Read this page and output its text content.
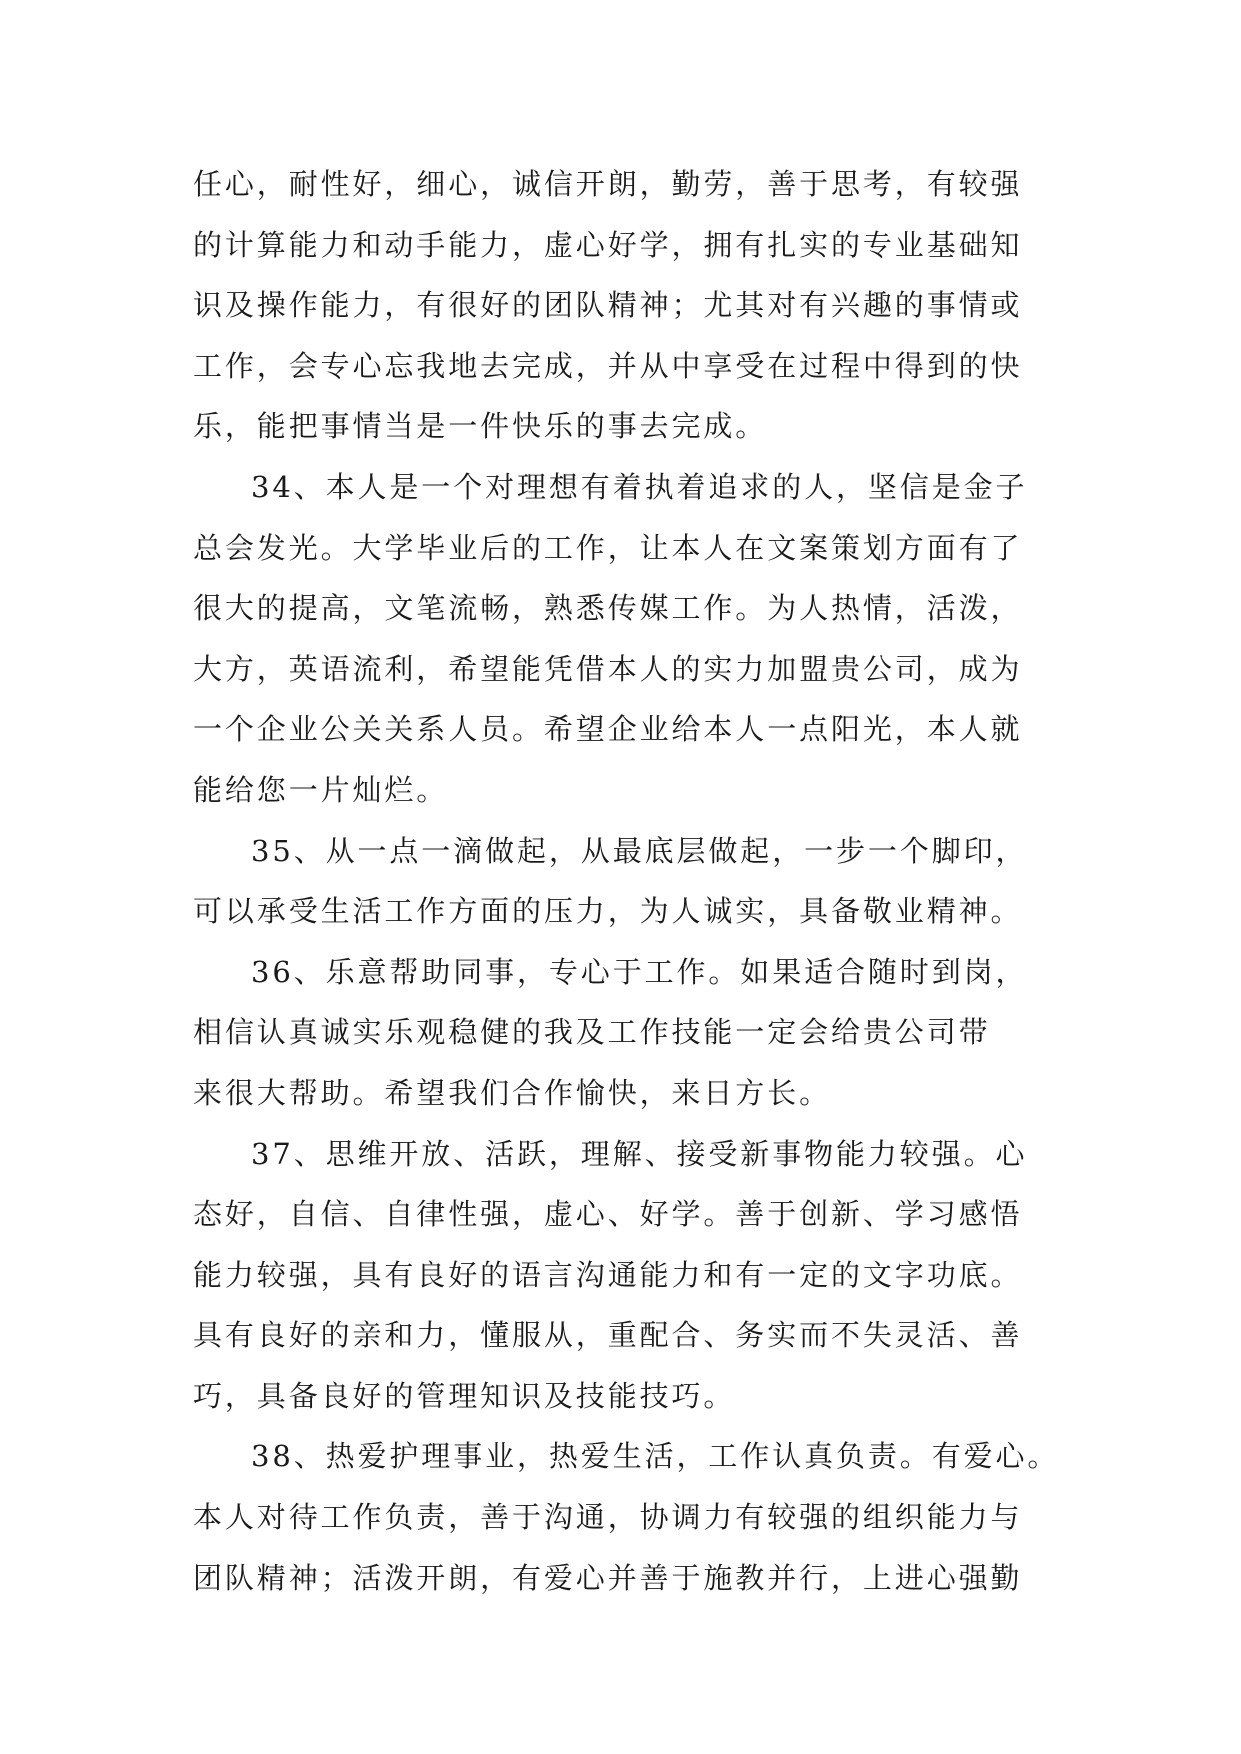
任心，耐性好，细心，诚信开朗，勤劳，善于思考，有较强
的计算能力和动手能力，虚心好学，拥有扎实的专业基础知
识及操作能力，有很好的团队精神；尤其对有兴趣的事情或
工作，会专心忘我地去完成，并从中享受在过程中得到的快
乐，能把事情当是一件快乐的事去完成。
34、本人是一个对理想有着执着追求的人，坚信是金子
总会发光。大学毕业后的工作，让本人在文案策划方面有了
很大的提高，文笔流畅，熟悉传媒工作。为人热情，活泼，
大方，英语流利，希望能凭借本人的实力加盟贵公司，成为
一个企业公关关系人员。希望企业给本人一点阳光，本人就
能给您一片灿烂。
35、从一点一滴做起，从最底层做起，一步一个脚印，
可以承受生活工作方面的压力，为人诚实，具备敬业精神。
36、乐意帮助同事，专心于工作。如果适合随时到岗，
相信认真诚实乐观稳健的我及工作技能一定会给贵公司带
来很大帮助。希望我们合作愉快，来日方长。
37、思维开放、活跃，理解、接受新事物能力较强。心
态好，自信、自律性强，虚心、好学。善于创新、学习感悟
能力较强，具有良好的语言沟通能力和有一定的文字功底。
具有良好的亲和力，懂服从，重配合、务实而不失灵活、善
巧，具备良好的管理知识及技能技巧。
38、热爱护理事业，热爱生活，工作认真负责。有爱心。
本人对待工作负责，善于沟通，协调力有较强的组织能力与
团队精神；活泼开朗，有爱心并善于施教并行，上进心强勤
